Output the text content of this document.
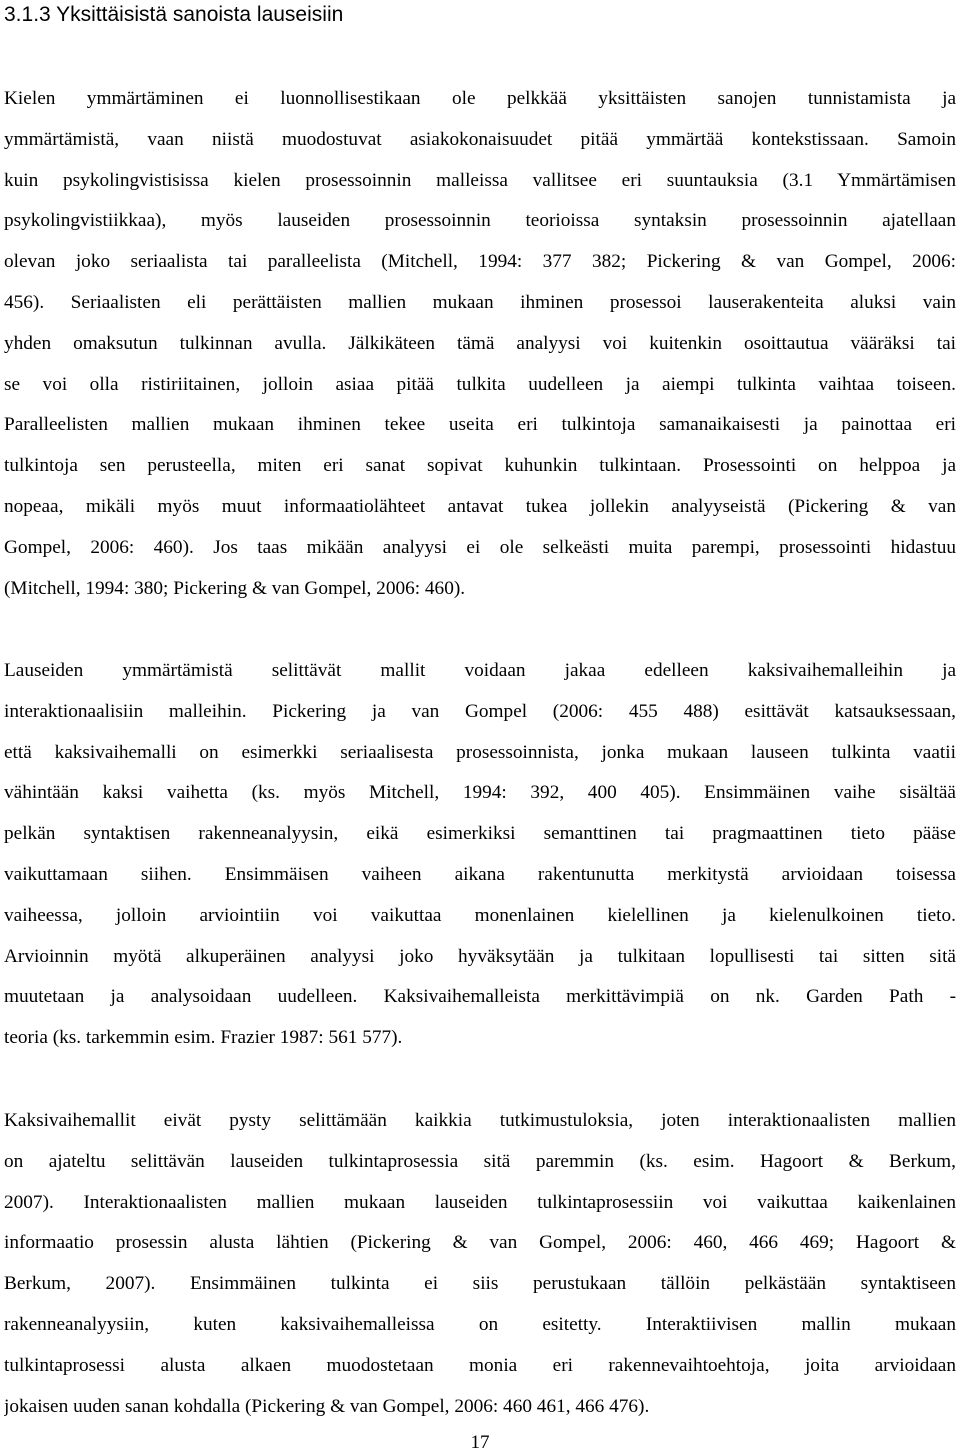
3.1.3 Yksittäisistä sanoista lauseisiin
Kielen ymmärtäminen ei luonnollisestikaan ole pelkkää yksittäisten sanojen tunnistamista ja
ymmärtämistä, vaan niistä muodostuvat asiakokonaisuudet pitää ymmärtää kontekstissaan. Samoin
kuin psykolingvistisissa kielen prosessoinnin malleissa vallitsee eri suuntauksia (3.1 Ymmärtämisen
psykolingvistiikkaa), myös lauseiden prosessoinnin teorioissa syntaksin prosessoinnin ajatellaan
olevan joko seriaalista tai paralleelista (Mitchell, 1994: 377 382; Pickering & van Gompel, 2006:
456). Seriaalisten eli perättäisten mallien mukaan ihminen prosessoi lauserakenteita aluksi vain
yhden omaksutun tulkinnan avulla. Jälkikäteen tämä analyysi voi kuitenkin osoittautua vääräksi tai
se voi olla ristiriitainen, jolloin asiaa pitää tulkita uudelleen ja aiempi tulkinta vaihtaa toiseen.
Paralleelisten mallien mukaan ihminen tekee useita eri tulkintoja samanaikaisesti ja painottaa eri
tulkintoja sen perusteella, miten eri sanat sopivat kuhunkin tulkintaan. Prosessointi on helppoa ja
nopeaa, mikäli myös muut informaatiolähteet antavat tukea jollekin analyyseistä (Pickering & van
Gompel, 2006: 460). Jos taas mikään analyysi ei ole selkeästi muita parempi, prosessointi hidastuu
(Mitchell, 1994: 380; Pickering & van Gompel, 2006: 460).
Lauseiden ymmärtämistä selittävät mallit voidaan jakaa edelleen kaksivaihemalleihin ja
interaktionaalisiin malleihin. Pickering ja van Gompel (2006: 455 488) esittävät katsauksessaan,
että kaksivaihemalli on esimerkki seriaalisesta prosessoinnista, jonka mukaan lauseen tulkinta vaatii
vähintään kaksi vaihetta (ks. myös Mitchell, 1994: 392, 400 405). Ensimmäinen vaihe sisältää
pelkän syntaktisen rakenneanalyysin, eikä esimerkiksi semanttinen tai pragmaattinen tieto pääse
vaikuttamaan siihen. Ensimmäisen vaiheen aikana rakentunutta merkitystä arvioidaan toisessa
vaiheessa, jolloin arviointiin voi vaikuttaa monenlainen kielellinen ja kielenulkoinen tieto.
Arvioinnin myötä alkuperäinen analyysi joko hyväksytään ja tulkitaan lopullisesti tai sitten sitä
muutetaan ja analysoidaan uudelleen. Kaksivaihemalleista merkittävimpiä on nk. Garden Path -
teoria (ks. tarkemmin esim. Frazier 1987: 561 577).
Kaksivaihemallit eivät pysty selittämään kaikkia tutkimustuloksia, joten interaktionaalisten mallien
on ajateltu selittävän lauseiden tulkintaprosessia sitä paremmin (ks. esim. Hagoort & Berkum,
2007). Interaktionaalisten mallien mukaan lauseiden tulkintaprosessiin voi vaikuttaa kaikenlainen
informaatio prosessin alusta lähtien (Pickering & van Gompel, 2006: 460, 466 469; Hagoort &
Berkum, 2007). Ensimmäinen tulkinta ei siis perustukaan tällöin pelkästään syntaktiseen
rakenneanalyysiin, kuten kaksivaihemalleissa on esitetty. Interaktiivisen mallin mukaan
tulkintaprosessi alusta alkaen muodostetaan monia eri rakennevaihtoehtoja, joita arvioidaan
jokaisen uuden sanan kohdalla (Pickering & van Gompel, 2006: 460 461, 466 476).
17
